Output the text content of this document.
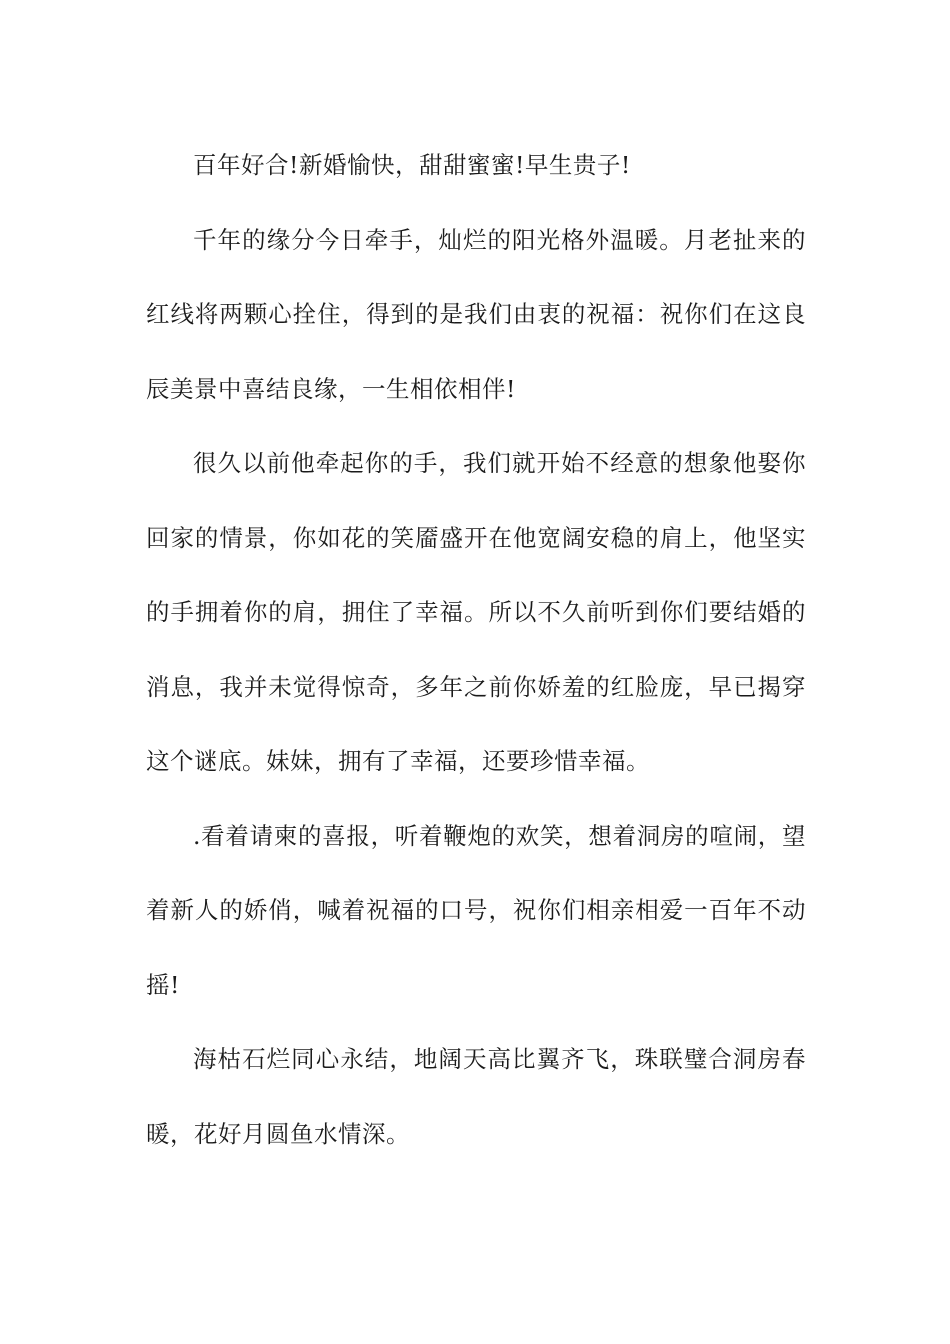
百年好合!新婚愉快，甜甜蜜蜜!早生贵子!

千年的缘分今日牵手，灿烂的阳光格外温暖。月老扯来的红线将两颗心拴住，得到的是我们由衷的祝福：祝你们在这良辰美景中喜结良缘，一生相依相伴!

很久以前他牵起你的手，我们就开始不经意的想象他娶你回家的情景，你如花的笑靥盛开在他宽阔安稳的肩上，他坚实的手拥着你的肩，拥住了幸福。所以不久前听到你们要结婚的消息，我并未觉得惊奇，多年之前你娇羞的红脸庞，早已揭穿这个谜底。妹妹，拥有了幸福，还要珍惜幸福。

.看着请柬的喜报，听着鞭炮的欢笑，想着洞房的喧闹，望着新人的娇俏，喊着祝福的口号，祝你们相亲相爱一百年不动摇!

海枯石烂同心永结，地阔天高比翼齐飞，珠联璧合洞房春暖，花好月圆鱼水情深。
